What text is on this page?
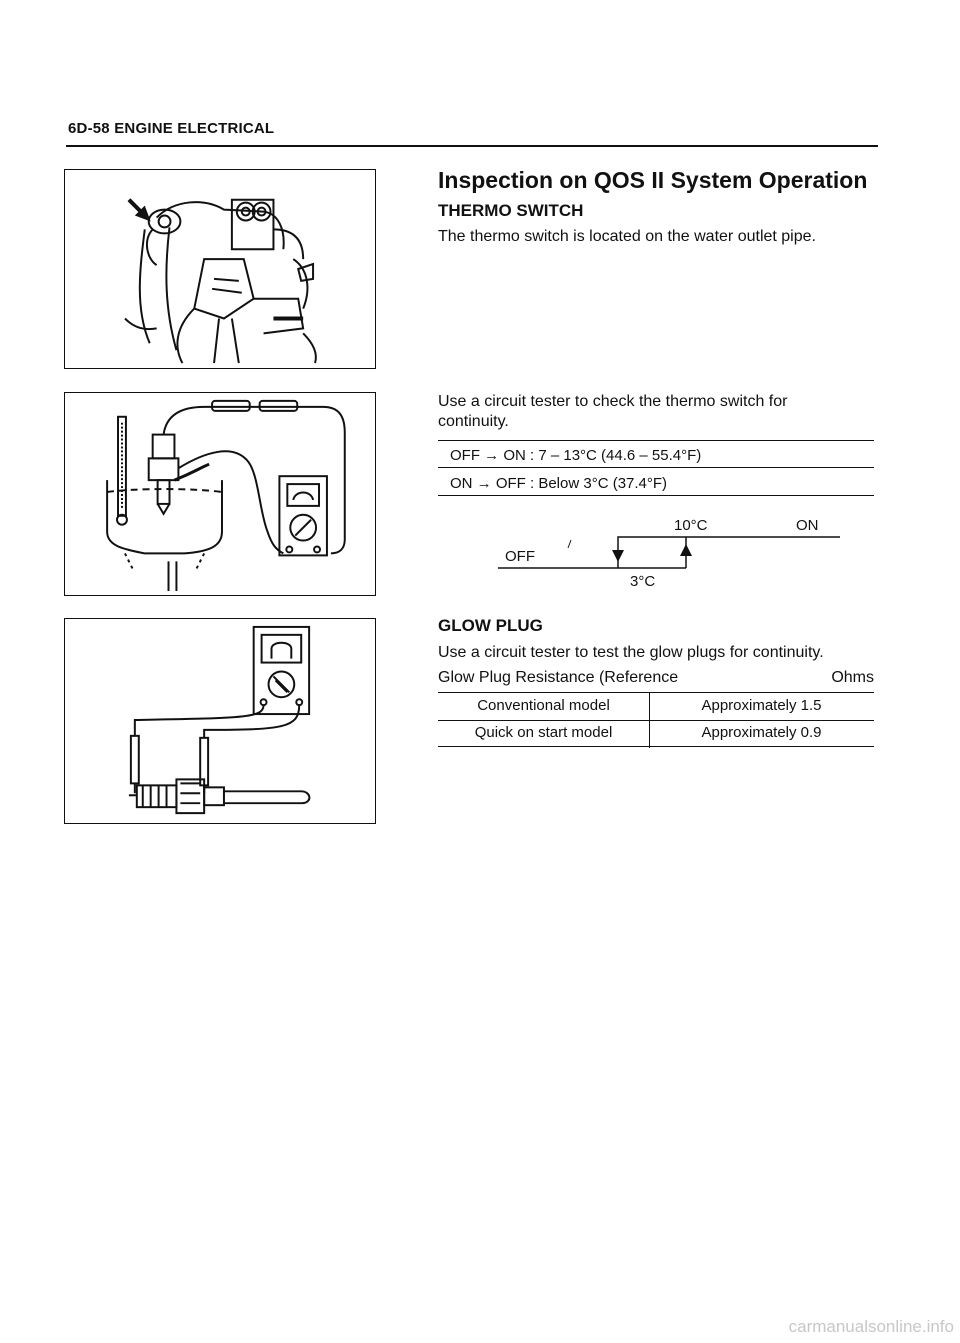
6D-58 ENGINE ELECTRICAL
Inspection on QOS II System Operation
THERMO SWITCH
The thermo switch is located on the water outlet pipe.
Use a circuit tester to check the thermo switch for continuity.
OFF → ON : 7 – 13°C (44.6 – 55.4°F)
ON → OFF : Below 3°C (37.4°F)
OFF
ON
10°C
3°C
GLOW PLUG
Use a circuit tester to test the glow plugs for continuity.
Glow Plug Resistance (Reference	Ohms
Conventional model	Approximately 1.5
Quick on start model	Approximately 0.9
carmanualsonline.info
